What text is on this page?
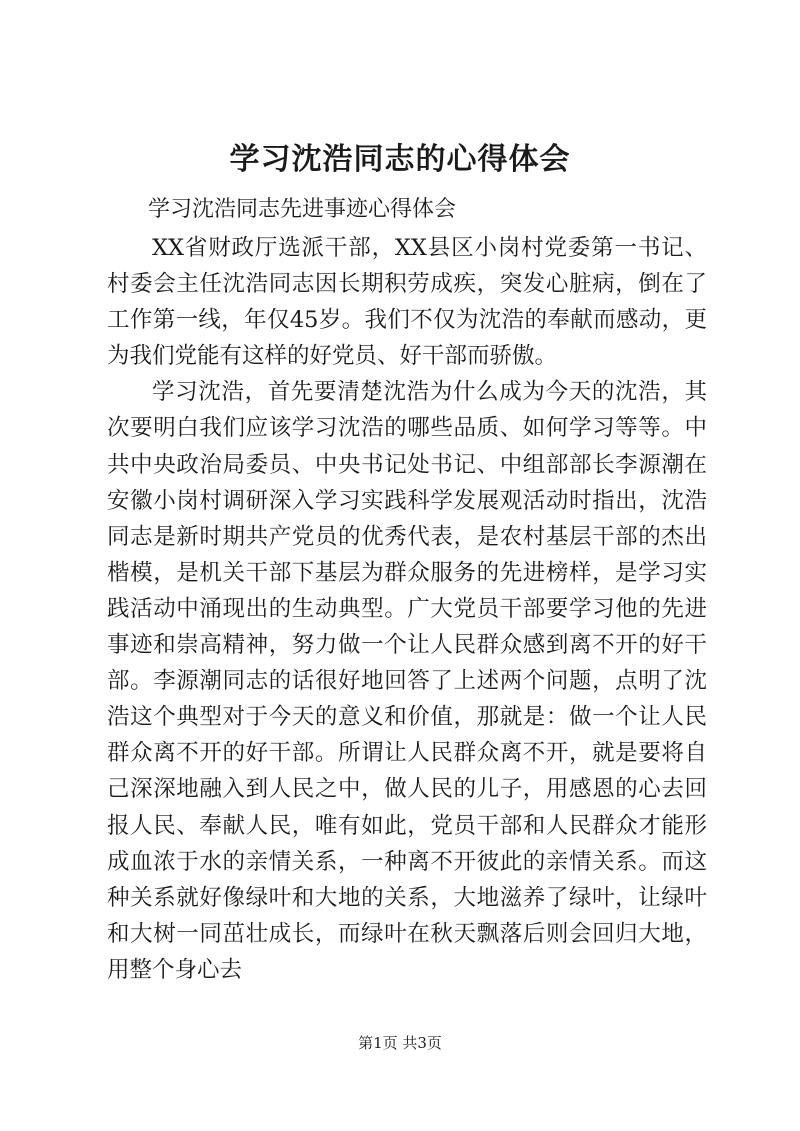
学习沈浩同志的心得体会
学习沈浩同志先进事迹心得体会

XX省财政厅选派干部，XX县区小岗村党委第一书记、村委会主任沈浩同志因长期积劳成疾，突发心脏病，倒在了工作第一线，年仅45岁。我们不仅为沈浩的奉献而感动，更为我们党能有这样的好党员、好干部而骄傲。

学习沈浩，首先要清楚沈浩为什么成为今天的沈浩，其次要明白我们应该学习沈浩的哪些品质、如何学习等等。中共中央政治局委员、中央书记处书记、中组部部长李源潮在安徽小岗村调研深入学习实践科学发展观活动时指出，沈浩同志是新时期共产党员的优秀代表，是农村基层干部的杰出楷模，是机关干部下基层为群众服务的先进榜样，是学习实践活动中涌现出的生动典型。广大党员干部要学习他的先进事迹和崇高精神，努力做一个让人民群众感到离不开的好干部。李源潮同志的话很好地回答了上述两个问题，点明了沈浩这个典型对于今天的意义和价值，那就是：做一个让人民群众离不开的好干部。所谓让人民群众离不开，就是要将自己深深地融入到人民之中，做人民的儿子，用感恩的心去回报人民、奉献人民，唯有如此，党员干部和人民群众才能形成血浓于水的亲情关系，一种离不开彼此的亲情关系。而这种关系就好像绿叶和大地的关系，大地滋养了绿叶，让绿叶和大树一同茁壮成长，而绿叶在秋天飘落后则会回归大地，用整个身心去

第1页 共3页
